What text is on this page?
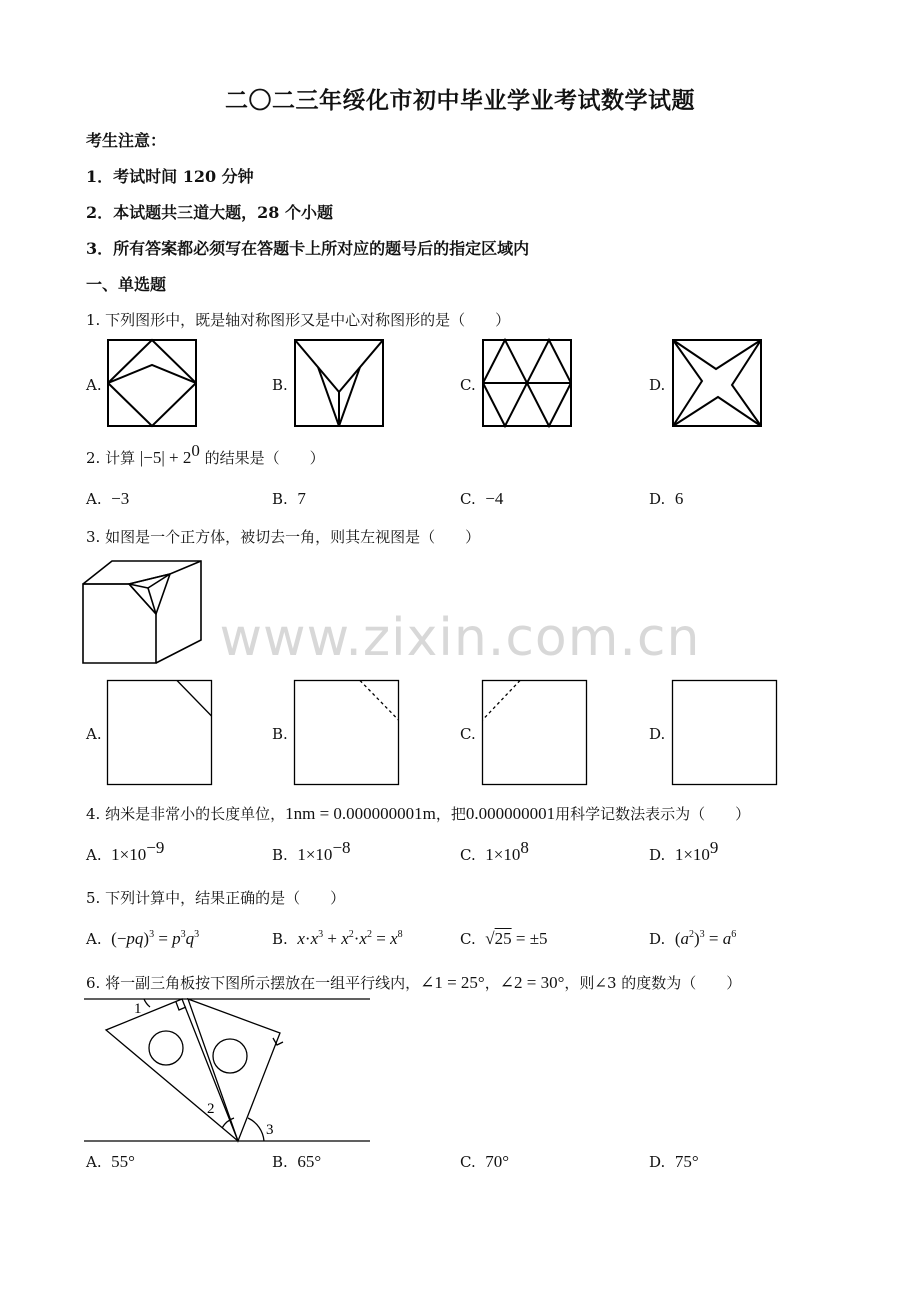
二〇二三年绥化市初中毕业学业考试数学试题
考生注意：
1．考试时间 120 分钟
2．本试题共三道大题，28 个小题
3．所有答案都必须写在答题卡上所对应的题号后的指定区域内
一、单选题
www.zixin.com.cn
1. 下列图形中，既是轴对称图形又是中心对称图形的是（　　）
A.	B.	C.	D.
2. 计算 $|-5| + 2^0$ 的结果是（　　）
A. −3	B. 7	C. −4	D. 6
3. 如图是一个正方体，被切去一角，则其左视图是（　　）
A.	B.	C.	D.
4. 纳米是非常小的长度单位，1nm = 0.000000001m，把0.000000001用科学记数法表示为（　　）
A. $1\times 10^{-9}$	B. $1\times 10^{-8}$	C. $1\times 10^8$	D. $1\times 10^9$
5. 下列计算中，结果正确的是（　　）
A. $(-pq)^3 = p^3q^3$	B. $x\cdot x^3 + x^2\cdot x^2 = x^8$	C. √25 = ±5	D. $(a^2)^3 = a^6$
6. 将一副三角板按下图所示摆放在一组平行线内，∠1 = 25°，∠2 = 30°，则∠3 的度数为（　　）
1
2
3
A. 55°	B. 65°	C. 70°	D. 75°
